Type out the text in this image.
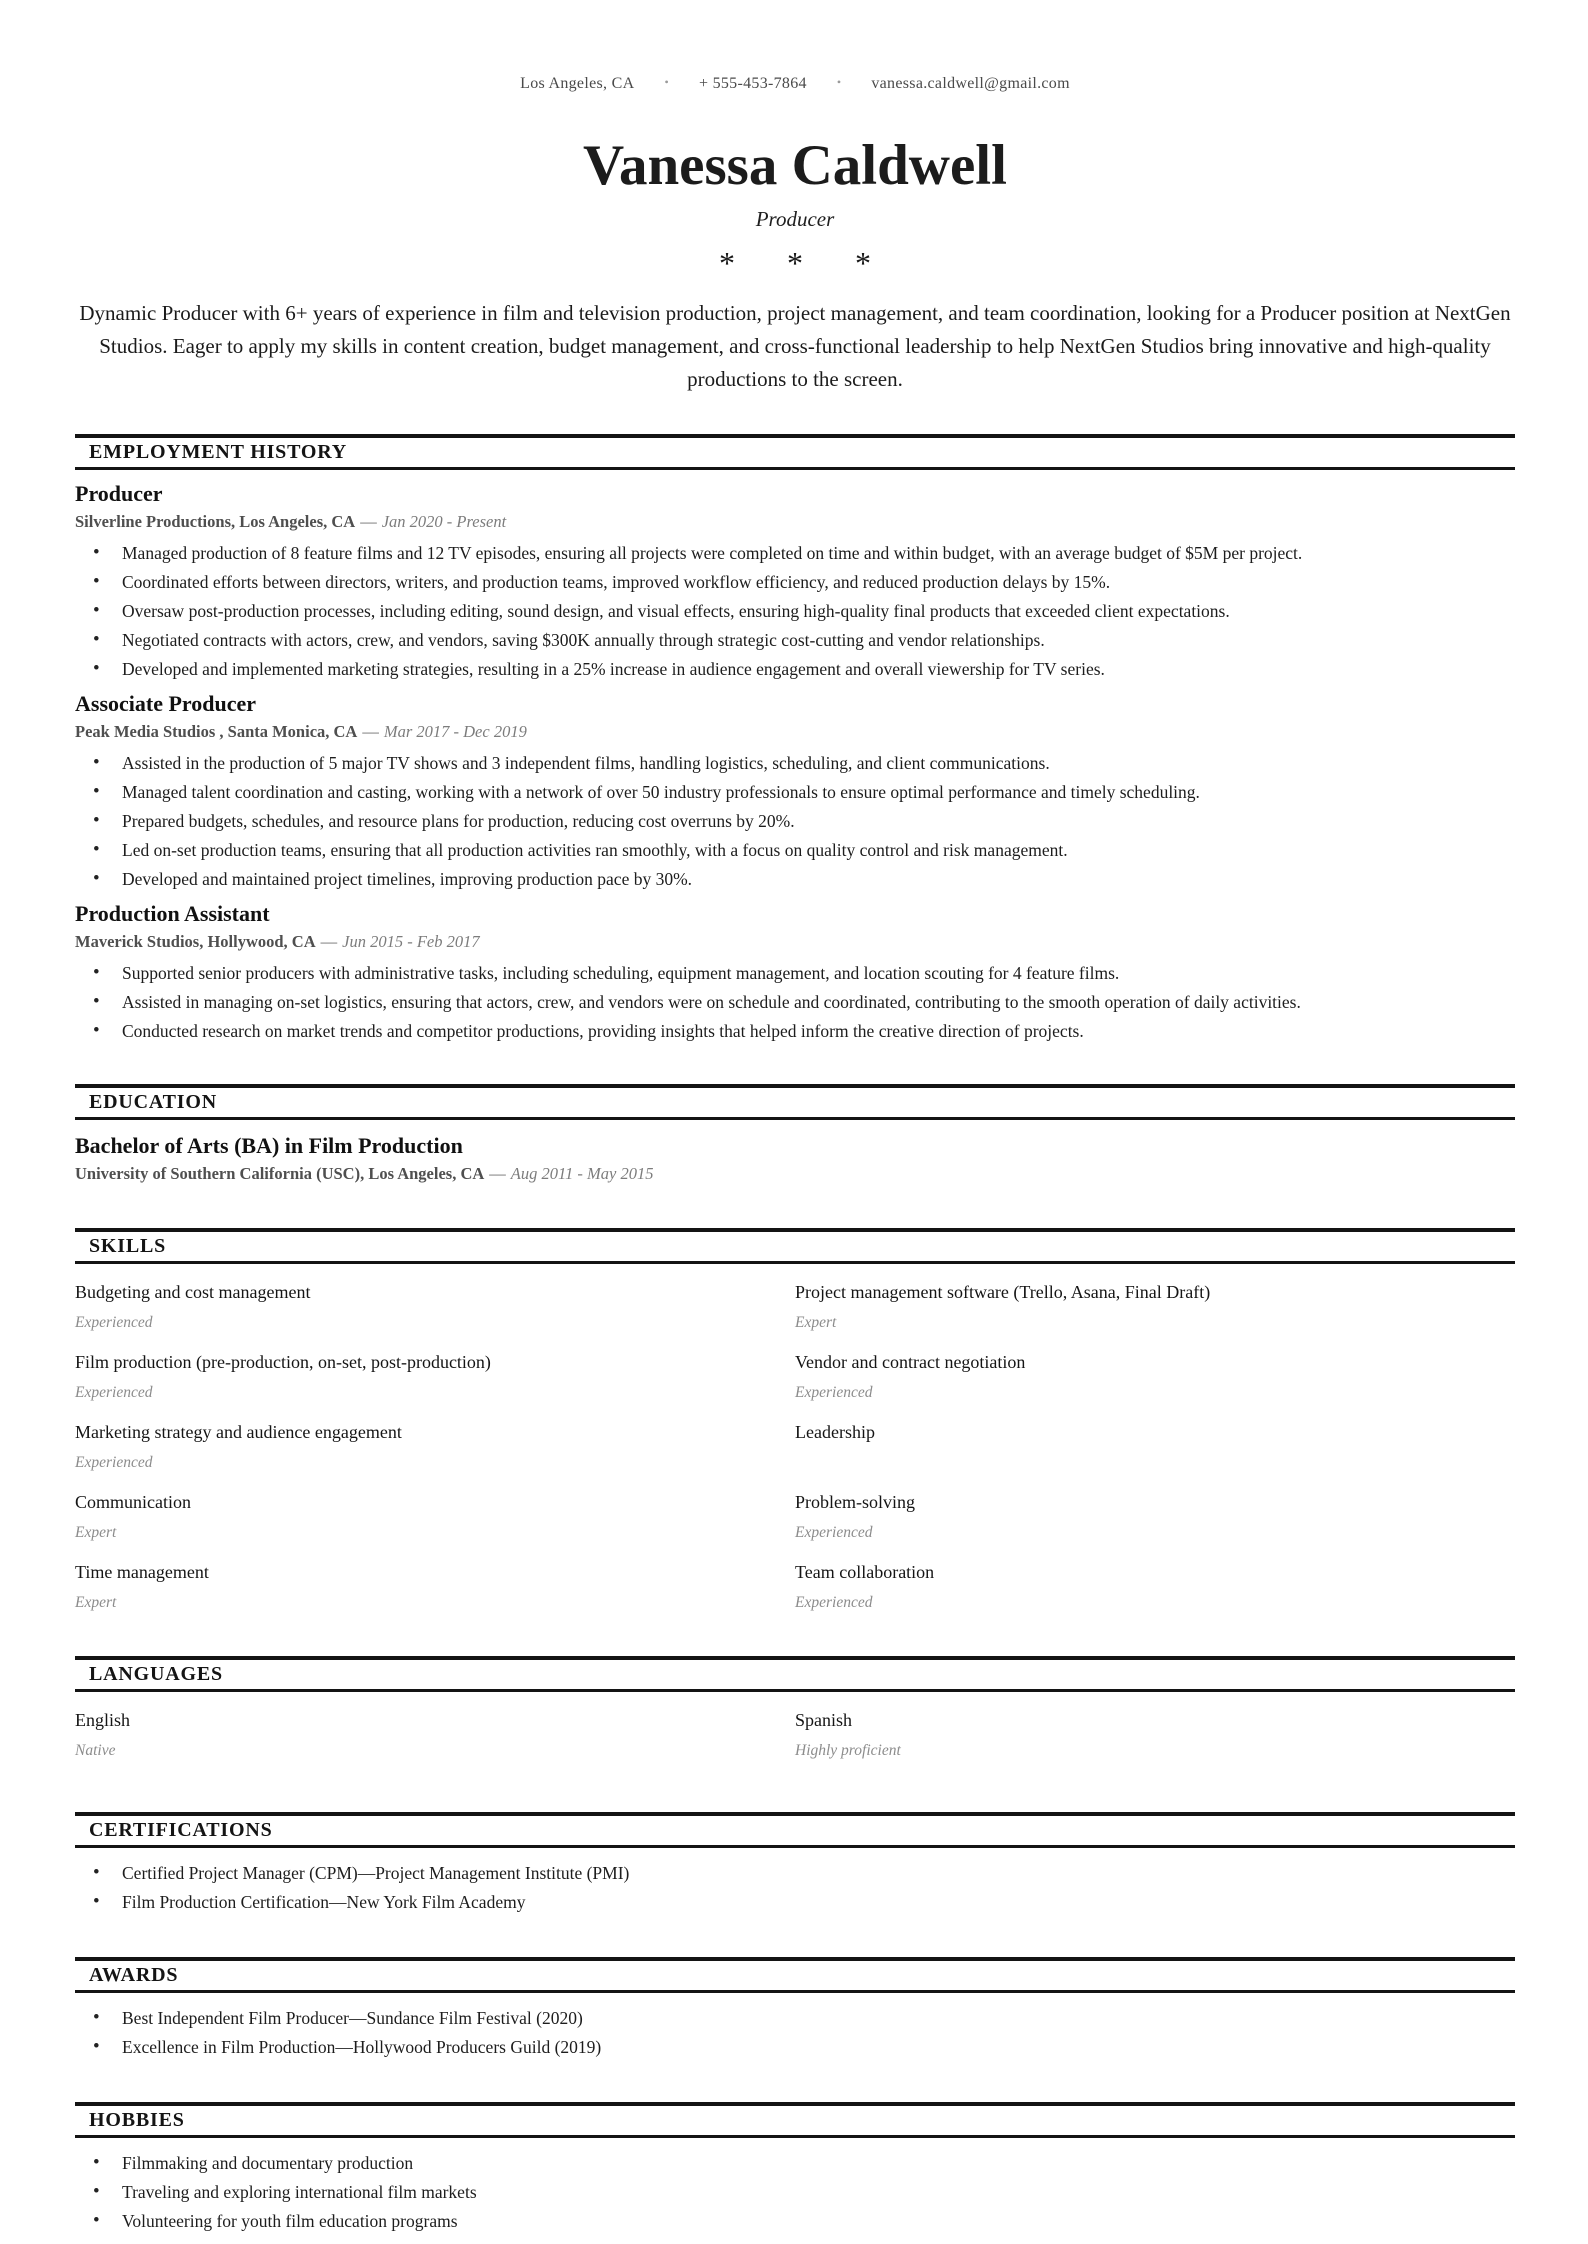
Los Angeles, CA	• + 555-453-7864	• vanessa.caldwell@gmail.com
Vanessa Caldwell
Producer
* * *

Dynamic Producer with 6+ years of experience in film and television production, project management, and team coordination, looking for a Producer position at NextGen Studios. Eager to apply my skills in content creation, budget management, and cross-functional leadership to help NextGen Studios bring innovative and high-quality productions to the screen.

EMPLOYMENT HISTORY
Producer
Silverline Productions, Los Angeles, CA — Jan 2020 - Present
• Managed production of 8 feature films and 12 TV episodes, ensuring all projects were completed on time and within budget, with an average budget of $5M per project.
• Coordinated efforts between directors, writers, and production teams, improved workflow efficiency, and reduced production delays by 15%.
• Oversaw post-production processes, including editing, sound design, and visual effects, ensuring high-quality final products that exceeded client expectations.
• Negotiated contracts with actors, crew, and vendors, saving $300K annually through strategic cost-cutting and vendor relationships.
• Developed and implemented marketing strategies, resulting in a 25% increase in audience engagement and overall viewership for TV series.
Associate Producer
Peak Media Studios , Santa Monica, CA — Mar 2017 - Dec 2019
• Assisted in the production of 5 major TV shows and 3 independent films, handling logistics, scheduling, and client communications.
• Managed talent coordination and casting, working with a network of over 50 industry professionals to ensure optimal performance and timely scheduling.
• Prepared budgets, schedules, and resource plans for production, reducing cost overruns by 20%.
• Led on-set production teams, ensuring that all production activities ran smoothly, with a focus on quality control and risk management.
• Developed and maintained project timelines, improving production pace by 30%.
Production Assistant
Maverick Studios, Hollywood, CA — Jun 2015 - Feb 2017
• Supported senior producers with administrative tasks, including scheduling, equipment management, and location scouting for 4 feature films.
• Assisted in managing on-set logistics, ensuring that actors, crew, and vendors were on schedule and coordinated, contributing to the smooth operation of daily activities.
• Conducted research on market trends and competitor productions, providing insights that helped inform the creative direction of projects.
EDUCATION
Bachelor of Arts (BA) in Film Production
University of Southern California (USC), Los Angeles, CA — Aug 2011 - May 2015
SKILLS
Budgeting and cost management
Experienced
Project management software (Trello, Asana, Final Draft)
Expert
Film production (pre-production, on-set, post-production)
Experienced
Vendor and contract negotiation
Experienced
Marketing strategy and audience engagement
Experienced
Leadership
Communication
Expert
Problem-solving
Experienced
Time management
Expert
Team collaboration
Experienced
LANGUAGES
English
Native
Spanish
Highly proficient
CERTIFICATIONS
• Certified Project Manager (CPM)—Project Management Institute (PMI)
• Film Production Certification—New York Film Academy
AWARDS
• Best Independent Film Producer—Sundance Film Festival (2020)
• Excellence in Film Production—Hollywood Producers Guild (2019)
HOBBIES
• Filmmaking and documentary production
• Traveling and exploring international film markets
• Volunteering for youth film education programs
